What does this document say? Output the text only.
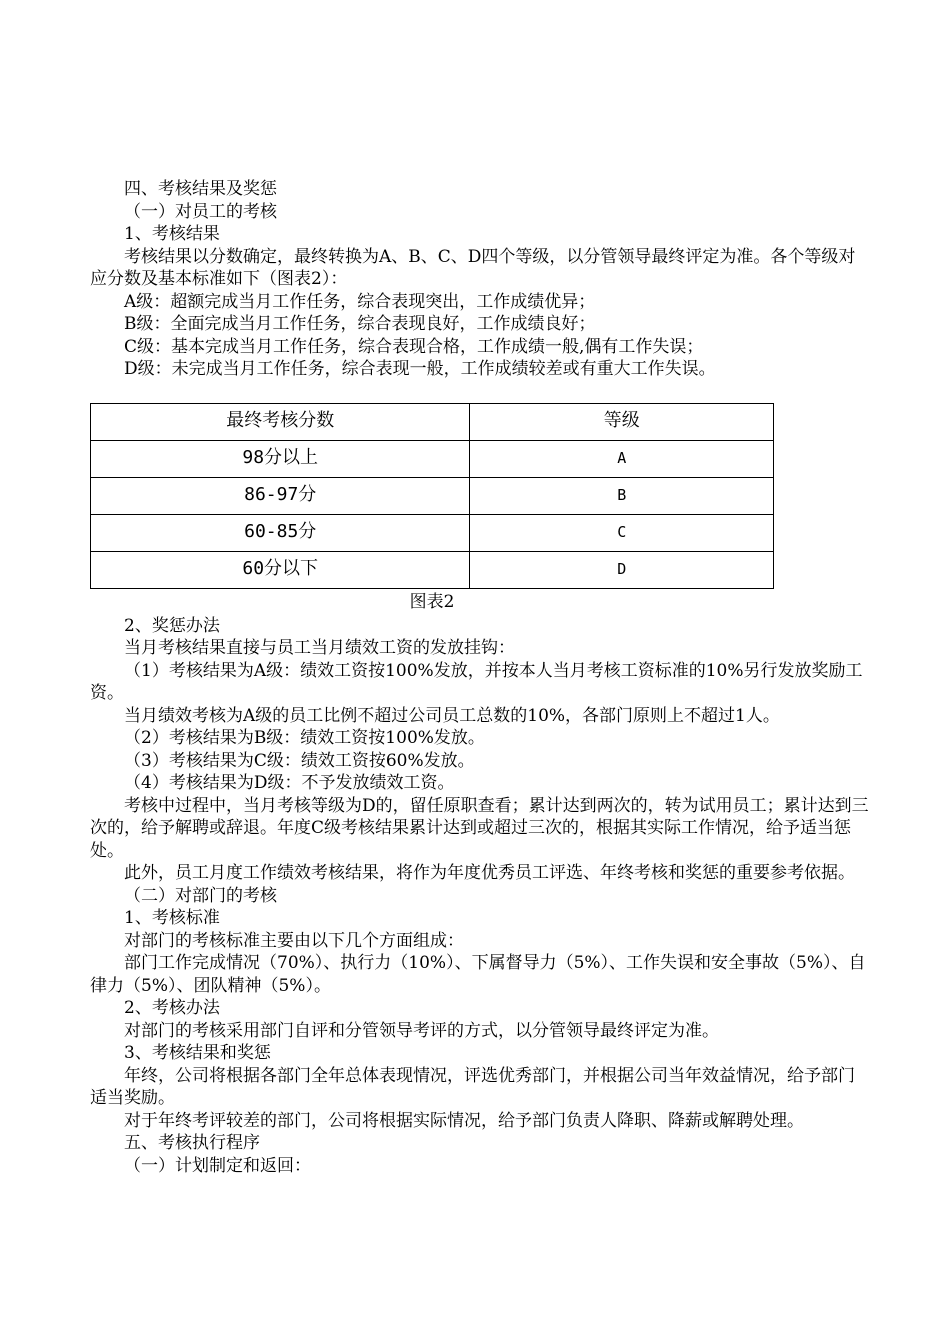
四、考核结果及奖惩

（一）对员工的考核

1、考核结果

考核结果以分数确定，最终转换为A、B、C、D四个等级，以分管领导最终评定为准。各个等级对应分数及基本标准如下（图表2）：

A级：超额完成当月工作任务，综合表现突出，工作成绩优异；

B级：全面完成当月工作任务，综合表现良好，工作成绩良好；

C级：基本完成当月工作任务，综合表现合格，工作成绩一般,偶有工作失误；

D级：未完成当月工作任务，综合表现一般，工作成绩较差或有重大工作失误。

最终考核分数	等级
98分以上	A
86-97分	B
60-85分	C
60分以下	D

图表2

2、奖惩办法

当月考核结果直接与员工当月绩效工资的发放挂钩：

（1）考核结果为A级：绩效工资按100%发放，并按本人当月考核工资标准的10%另行发放奖励工资。

当月绩效考核为A级的员工比例不超过公司员工总数的10%，各部门原则上不超过1人。

（2）考核结果为B级：绩效工资按100%发放。

（3）考核结果为C级：绩效工资按60%发放。

（4）考核结果为D级：不予发放绩效工资。

考核中过程中，当月考核等级为D的，留任原职查看；累计达到两次的，转为试用员工；累计达到三次的，给予解聘或辞退。年度C级考核结果累计达到或超过三次的，根据其实际工作情况，给予适当惩处。

此外，员工月度工作绩效考核结果，将作为年度优秀员工评选、年终考核和奖惩的重要参考依据。

（二）对部门的考核

1、考核标准

对部门的考核标准主要由以下几个方面组成：

部门工作完成情况（70%）、执行力（10%）、下属督导力（5%）、工作失误和安全事故（5%）、自律力（5%）、团队精神（5%）。

2、考核办法

对部门的考核采用部门自评和分管领导考评的方式，以分管领导最终评定为准。

3、考核结果和奖惩

年终，公司将根据各部门全年总体表现情况，评选优秀部门，并根据公司当年效益情况，给予部门适当奖励。

对于年终考评较差的部门，公司将根据实际情况，给予部门负责人降职、降薪或解聘处理。

五、考核执行程序

（一）计划制定和返回：
